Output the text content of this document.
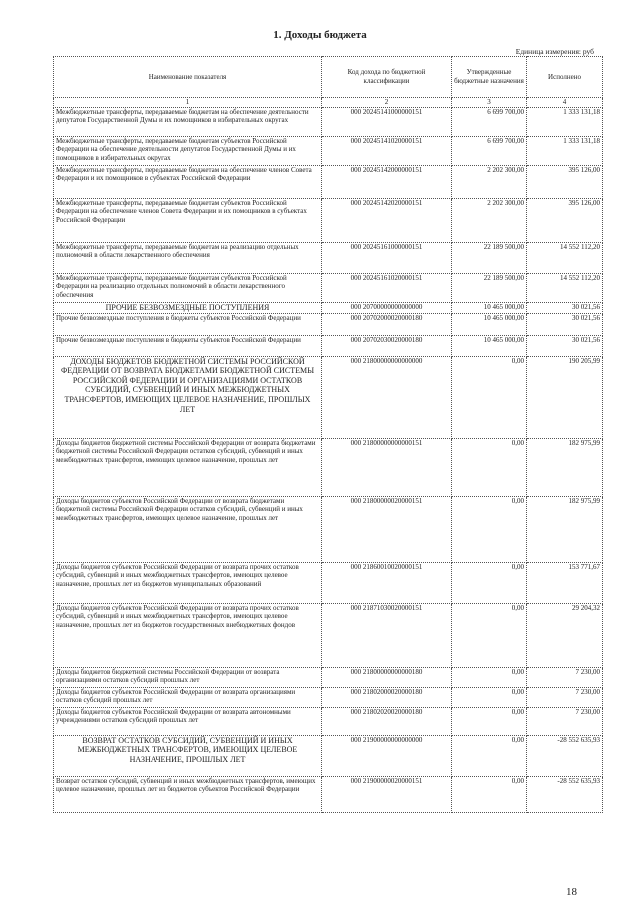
1. Доходы бюджета
Единица измерения: руб
Наименование показателя	Код дохода по бюджетной классификации	Утвержденные бюджетные назначения	Исполнено
1	2	3	4
Межбюджетные трансферты, передаваемые бюджетам на обеспечение деятельности депутатов Государственной Думы и их помощников в избирательных округах	000 20245141000000151	6 699 700,00	1 333 131,18
Межбюджетные трансферты, передаваемые бюджетам субъектов Российской Федерации на обеспечение деятельности депутатов Государственной Думы и их помощников в избирательных округах	000 20245141020000151	6 699 700,00	1 333 131,18
Межбюджетные трансферты, передаваемые бюджетам на обеспечение членов Совета Федерации и их помощников в субъектах Российской Федерации	000 20245142000000151	2 202 300,00	395 126,00
Межбюджетные трансферты, передаваемые бюджетам субъектов Российской Федерации на обеспечение членов Совета Федерации и их помощников в субъектах Российской Федерации	000 20245142020000151	2 202 300,00	395 126,00
Межбюджетные трансферты, передаваемые бюджетам на реализацию отдельных полномочий в области лекарственного обеспечения	000 20245161000000151	22 189 500,00	14 552 112,20
Межбюджетные трансферты, передаваемые бюджетам субъектов Российской Федерации на реализацию отдельных полномочий в области лекарственного обеспечения	000 20245161020000151	22 189 500,00	14 552 112,20
ПРОЧИЕ БЕЗВОЗМЕЗДНЫЕ ПОСТУПЛЕНИЯ	000 20700000000000000	10 465 000,00	30 021,56
Прочие безвозмездные поступления в бюджеты субъектов Российской Федерации	000 20702000020000180	10 465 000,00	30 021,56
Прочие безвозмездные поступления в бюджеты субъектов Российской Федерации	000 20702030020000180	10 465 000,00	30 021,56
ДОХОДЫ БЮДЖЕТОВ БЮДЖЕТНОЙ СИСТЕМЫ РОССИЙСКОЙ ФЕДЕРАЦИИ ОТ ВОЗВРАТА БЮДЖЕТАМИ БЮДЖЕТНОЙ СИСТЕМЫ РОССИЙСКОЙ ФЕДЕРАЦИИ И ОРГАНИЗАЦИЯМИ ОСТАТКОВ СУБСИДИЙ, СУБВЕНЦИЙ И ИНЫХ МЕЖБЮДЖЕТНЫХ ТРАНСФЕРТОВ, ИМЕЮЩИХ ЦЕЛЕВОЕ НАЗНАЧЕНИЕ, ПРОШЛЫХ ЛЕТ	000 21800000000000000	0,00	190 205,99
Доходы бюджетов бюджетной системы Российской Федерации от возврата бюджетами бюджетной системы Российской Федерации остатков субсидий, субвенций и иных межбюджетных трансфертов, имеющих целевое назначение, прошлых лет	000 21800000000000151	0,00	182 975,99
Доходы бюджетов субъектов Российской Федерации от возврата бюджетами бюджетной системы Российской Федерации остатков субсидий, субвенций и иных межбюджетных трансфертов, имеющих целевое назначение, прошлых лет	000 21800000020000151	0,00	182 975,99
Доходы бюджетов субъектов Российской Федерации от возврата прочих остатков субсидий, субвенций и иных межбюджетных трансфертов, имеющих целевое назначение, прошлых лет из бюджетов муниципальных образований	000 21860010020000151	0,00	153 771,67
Доходы бюджетов субъектов Российской Федерации от возврата прочих остатков субсидий, субвенций и иных межбюджетных трансфертов, имеющих целевое назначение, прошлых лет из бюджетов государственных внебюджетных фондов	000 21871030020000151	0,00	29 204,32
Доходы бюджетов бюджетной системы Российской Федерации от возврата организациями остатков субсидий прошлых лет	000 21800000000000180	0,00	7 230,00
Доходы бюджетов субъектов Российской Федерации от возврата организациями остатков субсидий прошлых лет	000 21802000020000180	0,00	7 230,00
Доходы бюджетов субъектов Российской Федерации от возврата автономными учреждениями остатков субсидий прошлых лет	000 21802020020000180	0,00	7 230,00
ВОЗВРАТ ОСТАТКОВ СУБСИДИЙ, СУБВЕНЦИЙ И ИНЫХ МЕЖБЮДЖЕТНЫХ ТРАНСФЕРТОВ, ИМЕЮЩИХ ЦЕЛЕВОЕ НАЗНАЧЕНИЕ, ПРОШЛЫХ ЛЕТ	000 21900000000000000	0,00	-28 552 635,93
Возврат остатков субсидий, субвенций и иных межбюджетных трансфертов, имеющих целевое назначение, прошлых лет из бюджетов субъектов Российской Федерации	000 21900000020000151	0,00	-28 552 635,93
18
